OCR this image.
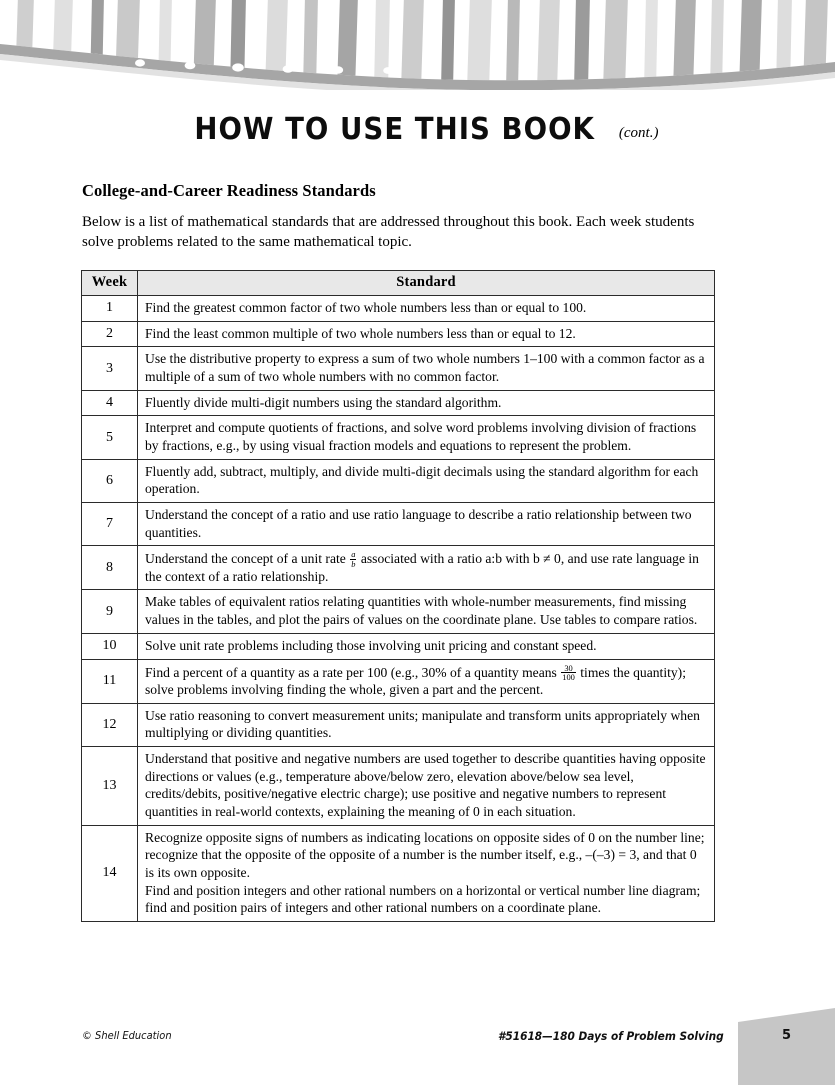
HOW TO USE THIS BOOK (cont.)
College-and-Career Readiness Standards
Below is a list of mathematical standards that are addressed throughout this book. Each week students solve problems related to the same mathematical topic.
Week	Standard
1	Find the greatest common factor of two whole numbers less than or equal to 100.
2	Find the least common multiple of two whole numbers less than or equal to 12.
3	Use the distributive property to express a sum of two whole numbers 1–100 with a common factor as a multiple of a sum of two whole numbers with no common factor.
4	Fluently divide multi-digit numbers using the standard algorithm.
5	Interpret and compute quotients of fractions, and solve word problems involving division of fractions by fractions, e.g., by using visual fraction models and equations to represent the problem.
6	Fluently add, subtract, multiply, and divide multi-digit decimals using the standard algorithm for each operation.
7	Understand the concept of a ratio and use ratio language to describe a ratio relationship between two quantities.
8	Understand the concept of a unit rate $\frac{a}{b}$ associated with a ratio a:b with b ≠ 0, and use rate language in the context of a ratio relationship.
9	Make tables of equivalent ratios relating quantities with whole-number measurements, find missing values in the tables, and plot the pairs of values on the coordinate plane. Use tables to compare ratios.
10	Solve unit rate problems including those involving unit pricing and constant speed.
11	Find a percent of a quantity as a rate per 100 (e.g., 30% of a quantity means $\frac{30}{100}$ times the quantity); solve problems involving finding the whole, given a part and the percent.
12	Use ratio reasoning to convert measurement units; manipulate and transform units appropriately when multiplying or dividing quantities.
13	Understand that positive and negative numbers are used together to describe quantities having opposite directions or values (e.g., temperature above/below zero, elevation above/below sea level, credits/debits, positive/negative electric charge); use positive and negative numbers to represent quantities in real-world contexts, explaining the meaning of 0 in each situation.
14	Recognize opposite signs of numbers as indicating locations on opposite sides of 0 on the number line; recognize that the opposite of the opposite of a number is the number itself, e.g., –(–3) = 3, and that 0 is its own opposite.

Find and position integers and other rational numbers on a horizontal or vertical number line diagram; find and position pairs of integers and other rational numbers on a coordinate plane.

© Shell Education	#51618—180 Days of Problem Solving	5
